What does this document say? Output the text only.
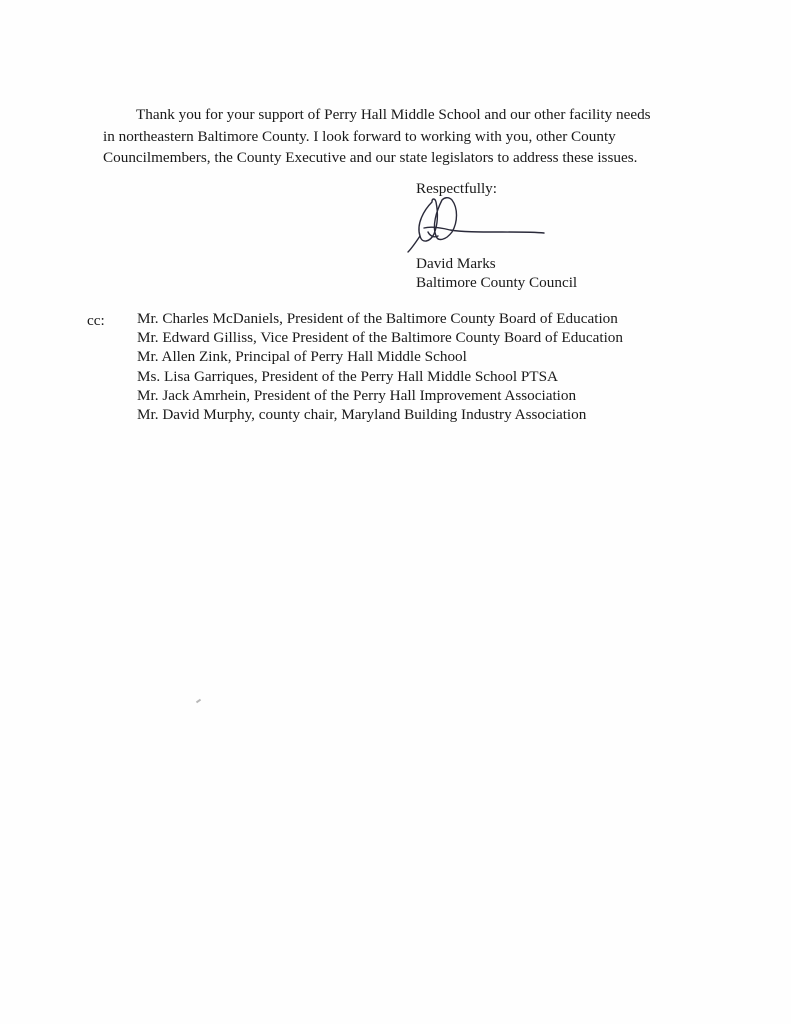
Thank you for your support of Perry Hall Middle School and our other facility needs
in northeastern Baltimore County. I look forward to working with you, other County
Councilmembers, the County Executive and our state legislators to address these issues.

Respectfully:
David Marks
Baltimore County Council
cc: Mr. Charles McDaniels, President of the Baltimore County Board of Education
Mr. Edward Gilliss, Vice President of the Baltimore County Board of Education
Mr. Allen Zink, Principal of Perry Hall Middle School
Ms. Lisa Garriques, President of the Perry Hall Middle School PTSA
Mr. Jack Amrhein, President of the Perry Hall Improvement Association
Mr. David Murphy, county chair, Maryland Building Industry Association
